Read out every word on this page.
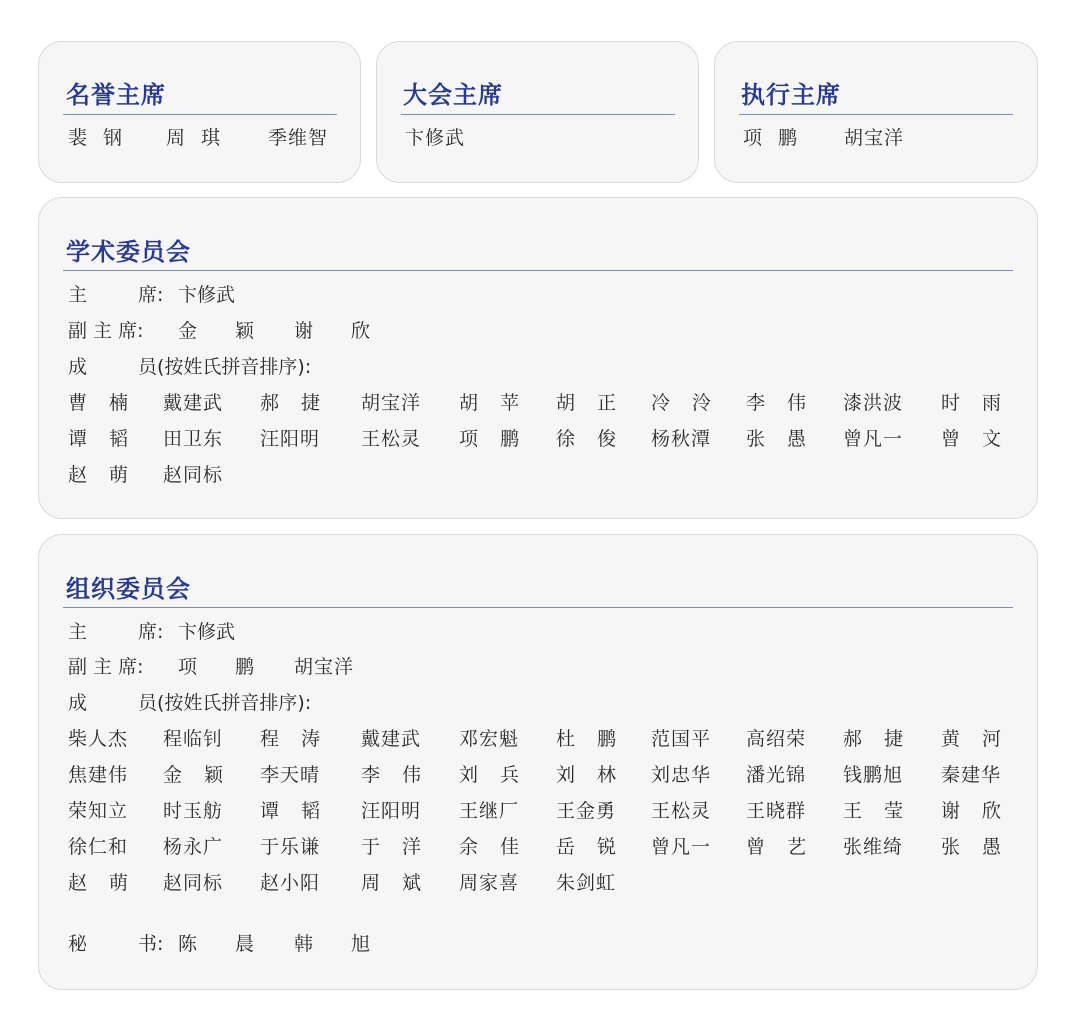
名誉主席
裴 钢 周 琪 季维智
大会主席
卞修武
执行主席
项 鹏 胡宝洋
学术委员会
主	席: 卞修武
副 主 席: 金 颖 谢 欣
成	员(按姓氏拼音排序):
曹 楠 戴建武 郝 捷 胡宝洋 胡 苹 胡 正 冷 泠 李 伟 漆洪波 时 雨
谭 韬 田卫东 汪阳明 王松灵 项 鹏 徐 俊 杨秋潭 张 愚 曾凡一 曾 文
赵 萌 赵同标
组织委员会
主	席: 卞修武
副 主 席: 项 鹏 胡宝洋
成	员(按姓氏拼音排序):
柴人杰 程临钊 程 涛 戴建武 邓宏魁 杜 鹏 范国平 高绍荣 郝 捷 黄 河
焦建伟 金 颖 李天晴 李 伟 刘 兵 刘 林 刘忠华 潘光锦 钱鹏旭 秦建华
荣知立 时玉舫 谭 韬 汪阳明 王继厂 王金勇 王松灵 王晓群 王 莹 谢 欣
徐仁和 杨永广 于乐谦 于 洋 余 佳 岳 锐 曾凡一 曾 艺 张维绮 张 愚
赵 萌 赵同标 赵小阳 周 斌 周家喜 朱剑虹
秘	书: 陈 晨 韩 旭
